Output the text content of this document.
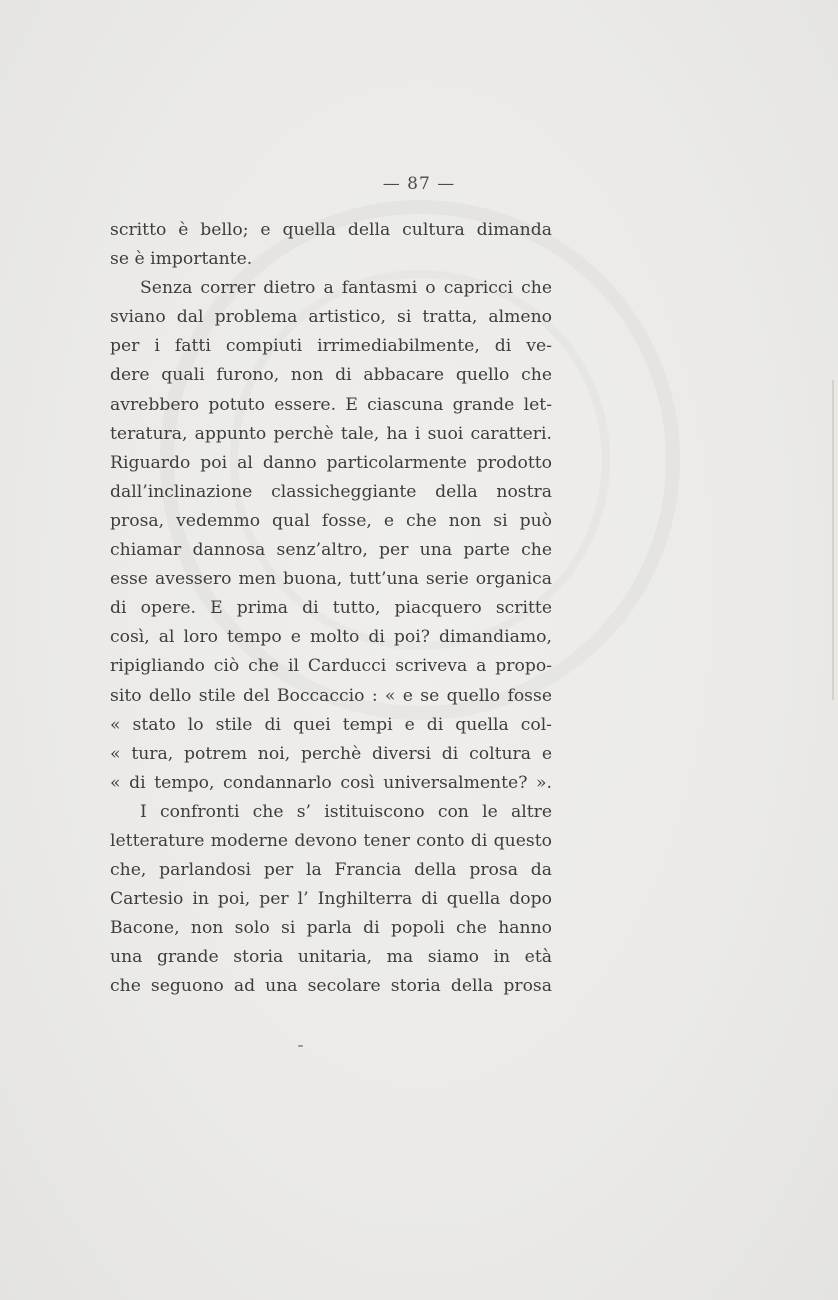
— 87 —
scritto è bello; e quella della cultura dimanda
se è importante.
Senza correr dietro a fantasmi o capricci che
sviano dal problema artistico, si tratta, almeno
per i fatti compiuti irrimediabilmente, di ve-
dere quali furono, non di abbacare quello che
avrebbero potuto essere. E ciascuna grande let-
teratura, appunto perchè tale, ha i suoi caratteri.
Riguardo poi al danno particolarmente prodotto
dall’inclinazione classicheggiante della nostra
prosa, vedemmo qual fosse, e che non si può
chiamar dannosa senz’altro, per una parte che
esse avessero men buona, tutt’una serie organica
di opere. E prima di tutto, piacquero scritte
così, al loro tempo e molto di poi? dimandiamo,
ripigliando ciò che il Carducci scriveva a propo-
sito dello stile del Boccaccio : « e se quello fosse
« stato lo stile di quei tempi e di quella col-
« tura, potrem noi, perchè diversi di coltura e
« di tempo, condannarlo così universalmente? ».
I confronti che s’ istituiscono con le altre
letterature moderne devono tener conto di questo
che, parlandosi per la Francia della prosa da
Cartesio in poi, per l’ Inghilterra di quella dopo
Bacone, non solo si parla di popoli che hanno
una grande storia unitaria, ma siamo in età
che seguono ad una secolare storia della prosa
